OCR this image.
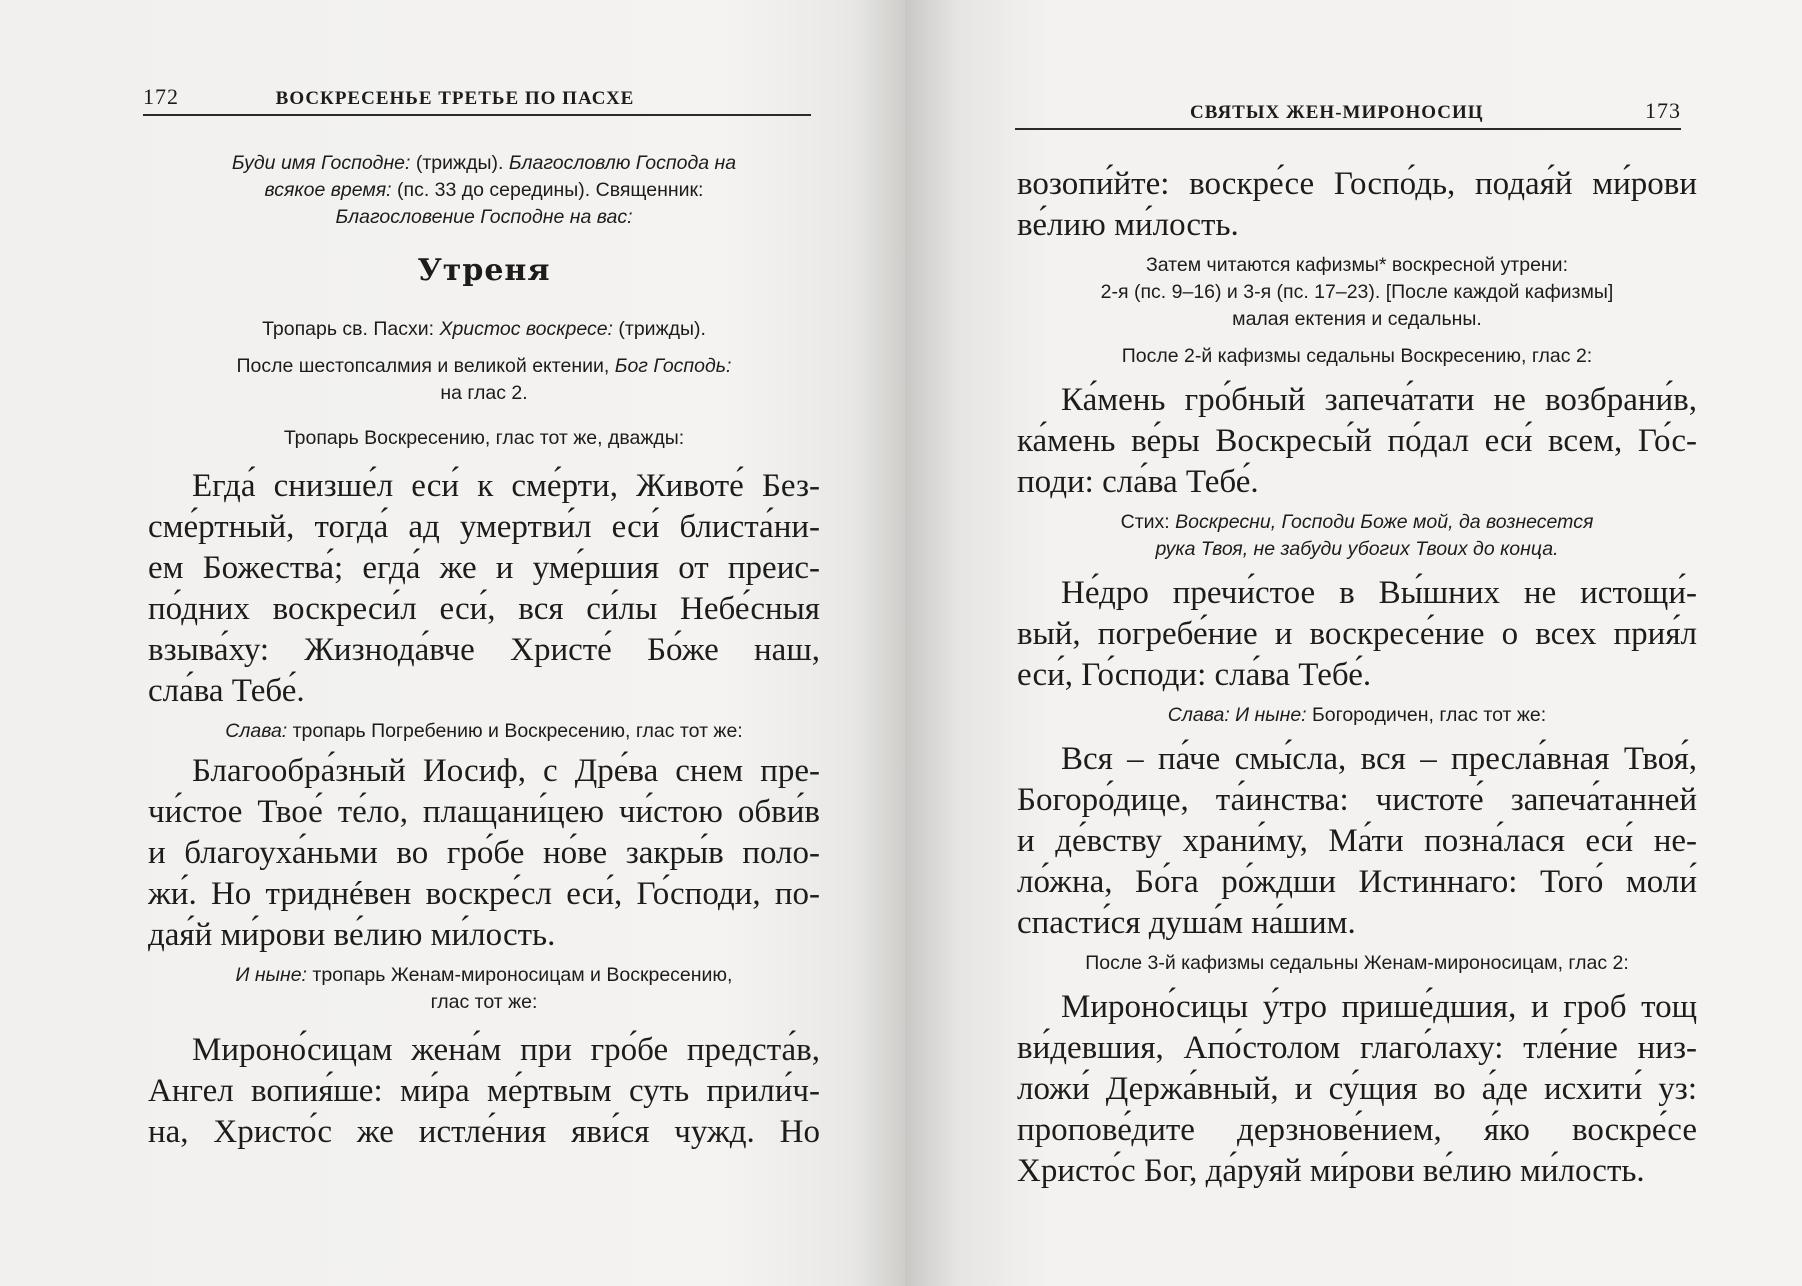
172	ВОСКРЕСЕНЬЕ ТРЕТЬЕ ПО ПАСХЕ

Буди имя Господне: (трижды). Благословлю Господа на
всякое время: (пс. 33 до середины). Священник:
Благословение Господне на вас:

Утреня

Тропарь св. Пасхи: Христос воскресе: (трижды).

После шестопсалмия и великой ектении, Бог Господь:
на глас 2.

Тропарь Воскресению, глас тот же, дважды:

Егда́ снизше́л еси́ к сме́рти, Животе́ Без-
сме́ртный, тогда́ ад умертви́л еси́ блиста́ни-
ем Божества́; егда́ же и уме́ршия от преис-
по́дних воскреси́л еси́, вся си́лы Небе́сныя
взыва́ху: Жизнода́вче Христе́ Бо́же наш,
сла́ва Тебе́.

Слава: тропарь Погребению и Воскресению, глас тот же:

Благообра́зный Иосиф, с Дре́ва снем пре-
чи́стое Твое́ те́ло, плащани́цею чи́стою обви́в
и благоуха́ньми во гро́бе но́ве закры́в поло-
жи́. Но триднéвен воскре́сл еси́, Го́споди, по-
дая́й ми́рови ве́лию ми́лость.

И ныне: тропарь Женам-мироносицам и Воскресению,
глас тот же:

Мироно́сицам жена́м при гро́бе предста́в,
Ангел вопия́ше: ми́ра ме́ртвым суть прили́ч-
на, Христо́с же истле́ния яви́ся чужд. Но
СВЯТЫХ ЖЕН-МИРОНОСИЦ	173
возопи́йте: воскре́се Госпо́дь, подая́й ми́рови
ве́лию ми́лость.

Затем читаются кафизмы* воскресной утрени:
2-я (пс. 9–16) и 3-я (пс. 17–23). [После каждой кафизмы]
малая ектения и седальны.

После 2-й кафизмы седальны Воскресению, глас 2:

Ка́мень гро́бный запеча́тати не возбрани́в,
ка́мень ве́ры Воскресы́й по́дал еси́ всем, Го́с-
поди: сла́ва Тебе́.

Стих: Воскресни, Господи Боже мой, да вознесется
рука Твоя, не забуди убогих Твоих до конца.

Не́дро пречи́стое в Вы́шних не истощи́-
вый, погребе́ние и воскресе́ние о всех прия́л
еси́, Го́споди: сла́ва Тебе́.

Слава: И ныне: Богородичен, глас тот же:

Вся – па́че смы́сла, вся – пресла́вная Твоя́,
Богоро́дице, та́инства: чистоте́ запеча́танней
и де́вству храни́му, Ма́ти позна́лася еси́ не-
ло́жна, Бо́га ро́ждши Истиннаго: Того́ моли́
спасти́ся душа́м на́шим.

После 3-й кафизмы седальны Женам-мироносицам, глас 2:

Мироно́сицы у́тро прише́дшия, и гроб тощ
ви́девшия, Апо́столом глаго́лаху: тле́ние низ-
ложи́ Держа́вный, и су́щия во а́де исхити́ уз:
пропове́дите дерзнове́нием, я́ко воскре́се
Христо́с Бог, да́руяй ми́рови ве́лию ми́лость.
